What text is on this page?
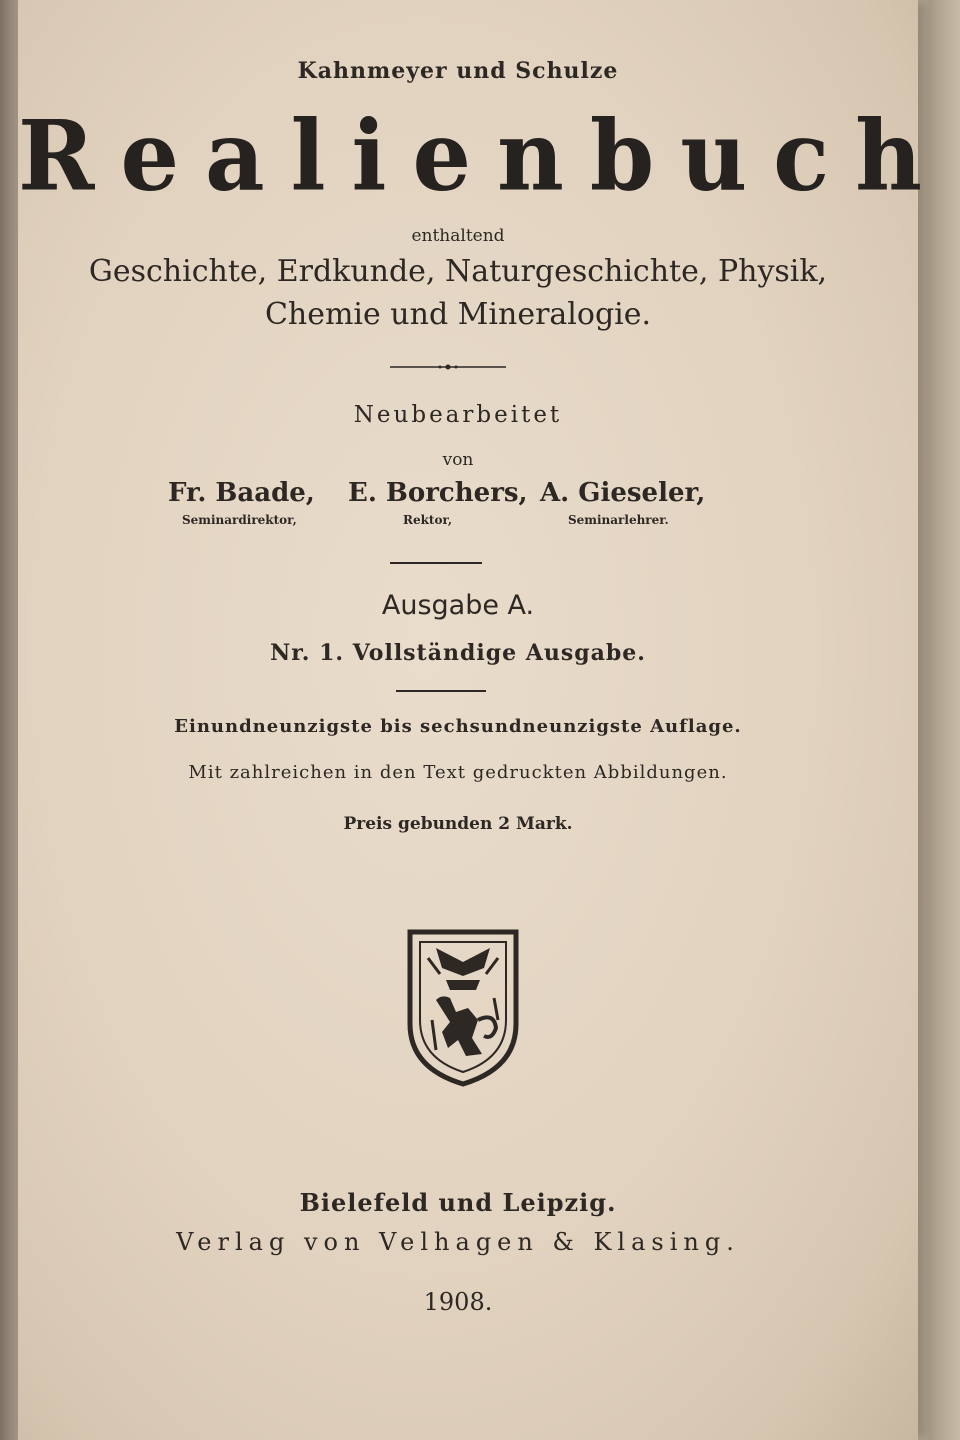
Kahnmeyer und Schulze
Realienbuch
enthaltend
Geschichte, Erdkunde, Naturgeschichte, Physik,
Chemie und Mineralogie.
Neubearbeitet
von
Fr. Baade,
Seminardirektor,
E. Borchers,
Rektor,
A. Gieseler,
Seminarlehrer.
Ausgabe A.
Nr. 1. Vollständige Ausgabe.
Einundneunzigste bis sechsundneunzigste Auflage.
Mit zahlreichen in den Text gedruckten Abbildungen.
Preis gebunden 2 Mark.
Bielefeld und Leipzig.
Verlag von Velhagen & Klasing.
1908.
